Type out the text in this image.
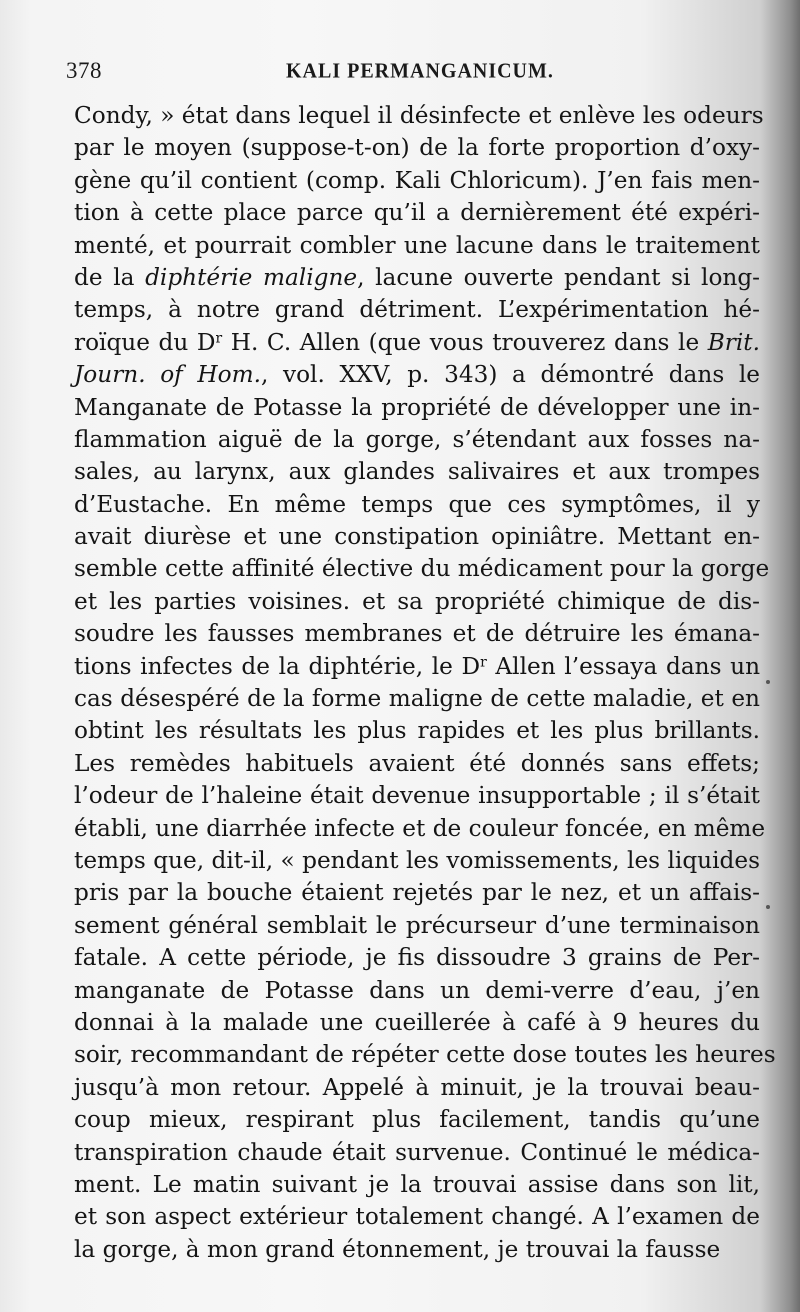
378	KALI PERMANGANICUM.
Condy, » état dans lequel il désinfecte et enlève les odeurs
par le moyen (suppose-t-on) de la forte proportion d’oxy-
gène qu’il contient (comp. Kali Chloricum). J’en fais men-
tion à cette place parce qu’il a dernièrement été expéri-
menté, et pourrait combler une lacune dans le traitement
de la diphtérie maligne, lacune ouverte pendant si long-
temps, à notre grand détriment. L’expérimentation hé-
roïque du $D^r$ H. C. Allen (que vous trouverez dans le Brit.
Journ. of Hom., vol. XXV, p. 343) a démontré dans le
Manganate de Potasse la propriété de développer une in-
flammation aiguë de la gorge, s’étendant aux fosses na-
sales, au larynx, aux glandes salivaires et aux trompes
d’Eustache. En même temps que ces symptômes, il y
avait diurèse et une constipation opiniâtre. Mettant en-
semble cette affinité élective du médicament pour la gorge
et les parties voisines. et sa propriété chimique de dis-
soudre les fausses membranes et de détruire les émana-
tions infectes de la diphtérie, le $D^r$ Allen l’essaya dans un
cas désespéré de la forme maligne de cette maladie, et en
obtint les résultats les plus rapides et les plus brillants.
Les remèdes habituels avaient été donnés sans effets;
l’odeur de l’haleine était devenue insupportable ; il s’était
établi, une diarrhée infecte et de couleur foncée, en même
temps que, dit-il, « pendant les vomissements, les liquides
pris par la bouche étaient rejetés par le nez, et un affais-
sement général semblait le précurseur d’une terminaison
fatale. A cette période, je fis dissoudre 3 grains de Per-
manganate de Potasse dans un demi-verre d’eau, j’en
donnai à la malade une cueillerée à café à 9 heures du
soir, recommandant de répéter cette dose toutes les heures
jusqu’à mon retour. Appelé à minuit, je la trouvai beau-
coup mieux, respirant plus facilement, tandis qu’une
transpiration chaude était survenue. Continué le médica-
ment. Le matin suivant je la trouvai assise dans son lit,
et son aspect extérieur totalement changé. A l’examen de
la gorge, à mon grand étonnement, je trouvai la fausse
